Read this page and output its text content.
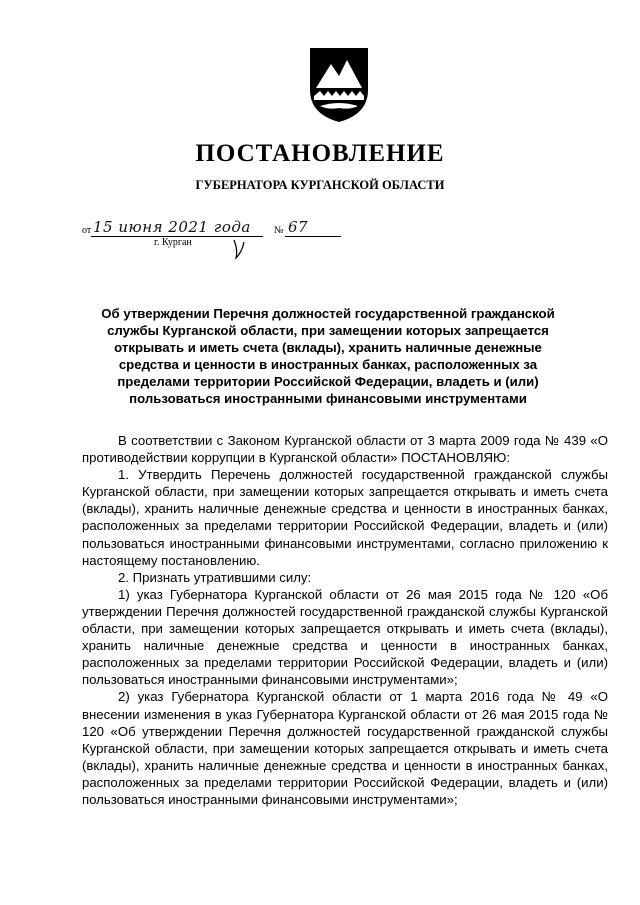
ПОСТАНОВЛЕНИЕ
ГУБЕРНАТОРА КУРГАНСКОЙ ОБЛАСТИ
от 15 июня 2021 года № 67
г. Курган
Об утверждении Перечня должностей государственной гражданской службы Курганской области, при замещении которых запрещается открывать и иметь счета (вклады), хранить наличные денежные средства и ценности в иностранных банках, расположенных за пределами территории Российской Федерации, владеть и (или) пользоваться иностранными финансовыми инструментами

В соответствии с Законом Курганской области от 3 марта 2009 года № 439 «О противодействии коррупции в Курганской области» ПОСТАНОВЛЯЮ:

1. Утвердить Перечень должностей государственной гражданской службы Курганской области, при замещении которых запрещается открывать и иметь счета (вклады), хранить наличные денежные средства и ценности в иностранных банках, расположенных за пределами территории Российской Федерации, владеть и (или) пользоваться иностранными финансовыми инструментами, согласно приложению к настоящему постановлению.

2. Признать утратившими силу:

1) указ Губернатора Курганской области от 26 мая 2015 года № 120 «Об утверждении Перечня должностей государственной гражданской службы Курганской области, при замещении которых запрещается открывать и иметь счета (вклады), хранить наличные денежные средства и ценности в иностранных банках, расположенных за пределами территории Российской Федерации, владеть и (или) пользоваться иностранными финансовыми инструментами»;

2) указ Губернатора Курганской области от 1 марта 2016 года № 49 «О внесении изменения в указ Губернатора Курганской области от 26 мая 2015 года № 120 «Об утверждении Перечня должностей государственной гражданской службы Курганской области, при замещении которых запрещается открывать и иметь счета (вклады), хранить наличные денежные средства и ценности в иностранных банках, расположенных за пределами территории Российской Федерации, владеть и (или) пользоваться иностранными финансовыми инструментами»;
